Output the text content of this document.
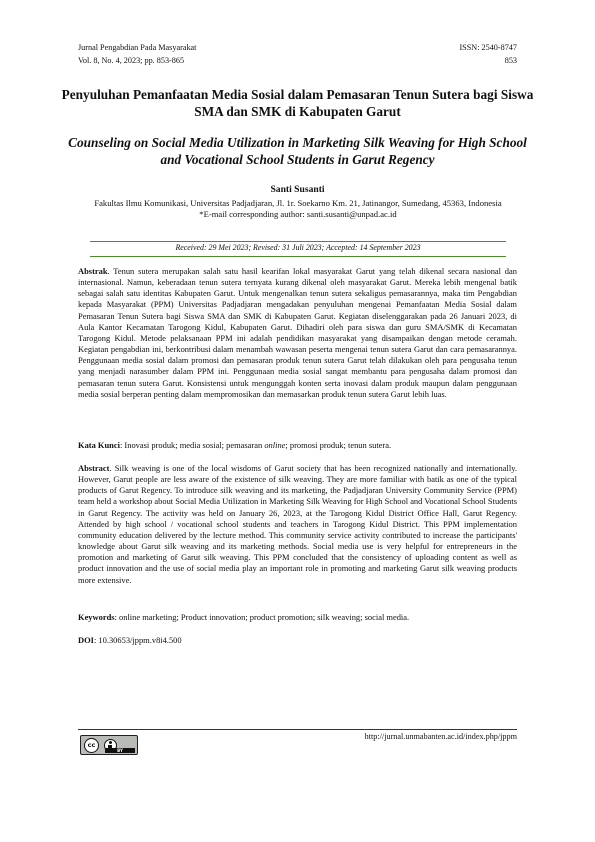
Jurnal Pengabdian Pada Masyarakat
Vol. 8, No. 4, 2023; pp. 853-865
ISSN: 2540-8747
853
Penyuluhan Pemanfaatan Media Sosial dalam Pemasaran Tenun Sutera bagi Siswa SMA dan SMK di Kabupaten Garut
Counseling on Social Media Utilization in Marketing Silk Weaving for High School and Vocational School Students in Garut Regency
Santi Susanti
Fakultas Ilmu Komunikasi, Universitas Padjadjaran, Jl. 1r. Soekarno Km. 21, Jatinangor, Sumedang, 45363, Indonesia
*E-mail corresponding author: santi.susanti@unpad.ac.id
Received: 29 Mei 2023; Revised: 31 Juli 2023; Accepted: 14 September 2023

Abstrak. Tenun sutera merupakan salah satu hasil kearifan lokal masyarakat Garut yang telah dikenal secara nasional dan internasional. Namun, keberadaan tenun sutera ternyata kurang dikenal oleh masyarakat Garut. Mereka lebih mengenal batik sebagai salah satu identitas Kabupaten Garut. Untuk mengenalkan tenun sutera sekaligus pemasarannya, maka tim Pengabdian kepada Masyarakat (PPM) Universitas Padjadjaran mengadakan penyuluhan mengenai Pemanfaatan Media Sosial dalam Pemasaran Tenun Sutera bagi Siswa SMA dan SMK di Kabupaten Garut. Kegiatan diselenggarakan pada 26 Januari 2023, di Aula Kantor Kecamatan Tarogong Kidul, Kabupaten Garut. Dihadiri oleh para siswa dan guru SMA/SMK di Kecamatan Tarogong Kidul. Metode pelaksanaan PPM ini adalah pendidikan masyarakat yang disampaikan dengan metode ceramah. Kegiatan pengabdian ini, berkontribusi dalam menambah wawasan peserta mengenai tenun sutera Garut dan cara pemasarannya. Penggunaan media sosial dalam promosi dan pemasaran produk tenun sutera Garut telah dilakukan oleh para pengusaha tenun yang menjadi narasumber dalam PPM ini. Penggunaan media sosial sangat membantu para pengusaha dalam promosi dan pemasaran tenun sutera Garut. Konsistensi untuk mengunggah konten serta inovasi dalam produk maupun dalam penggunaan media sosial berperan penting dalam mempromosikan dan memasarkan produk tenun sutera Garut lebih luas.

Kata Kunci: Inovasi produk; media sosial; pemasaran online; promosi produk; tenun sutera.

Abstract. Silk weaving is one of the local wisdoms of Garut society that has been recognized nationally and internationally. However, Garut people are less aware of the existence of silk weaving. They are more familiar with batik as one of the typical products of Garut Regency. To introduce silk weaving and its marketing, the Padjadjaran University Community Service (PPM) team held a workshop about Social Media Utilization in Marketing Silk Weaving for High School and Vocational School Students in Garut Regency. The activity was held on January 26, 2023, at the Tarogong Kidul District Office Hall, Garut Regency. Attended by high school / vocational school students and teachers in Tarogong Kidul District. This PPM implementation community education delivered by the lecture method. This community service activity contributed to increase the participants' knowledge about Garut silk weaving and its marketing methods. Social media use is very helpful for entrepreneurs in the promotion and marketing of Garut silk weaving. This PPM concluded that the consistency of uploading content as well as product innovation and the use of social media play an important role in promoting and marketing Garut silk weaving products more extensive.

Keywords: online marketing; Product innovation; product promotion; silk weaving; social media.

DOI: 10.30653/jppm.v8i4.500

cc
BY
http://jurnal.unmabanten.ac.id/index.php/jppm
